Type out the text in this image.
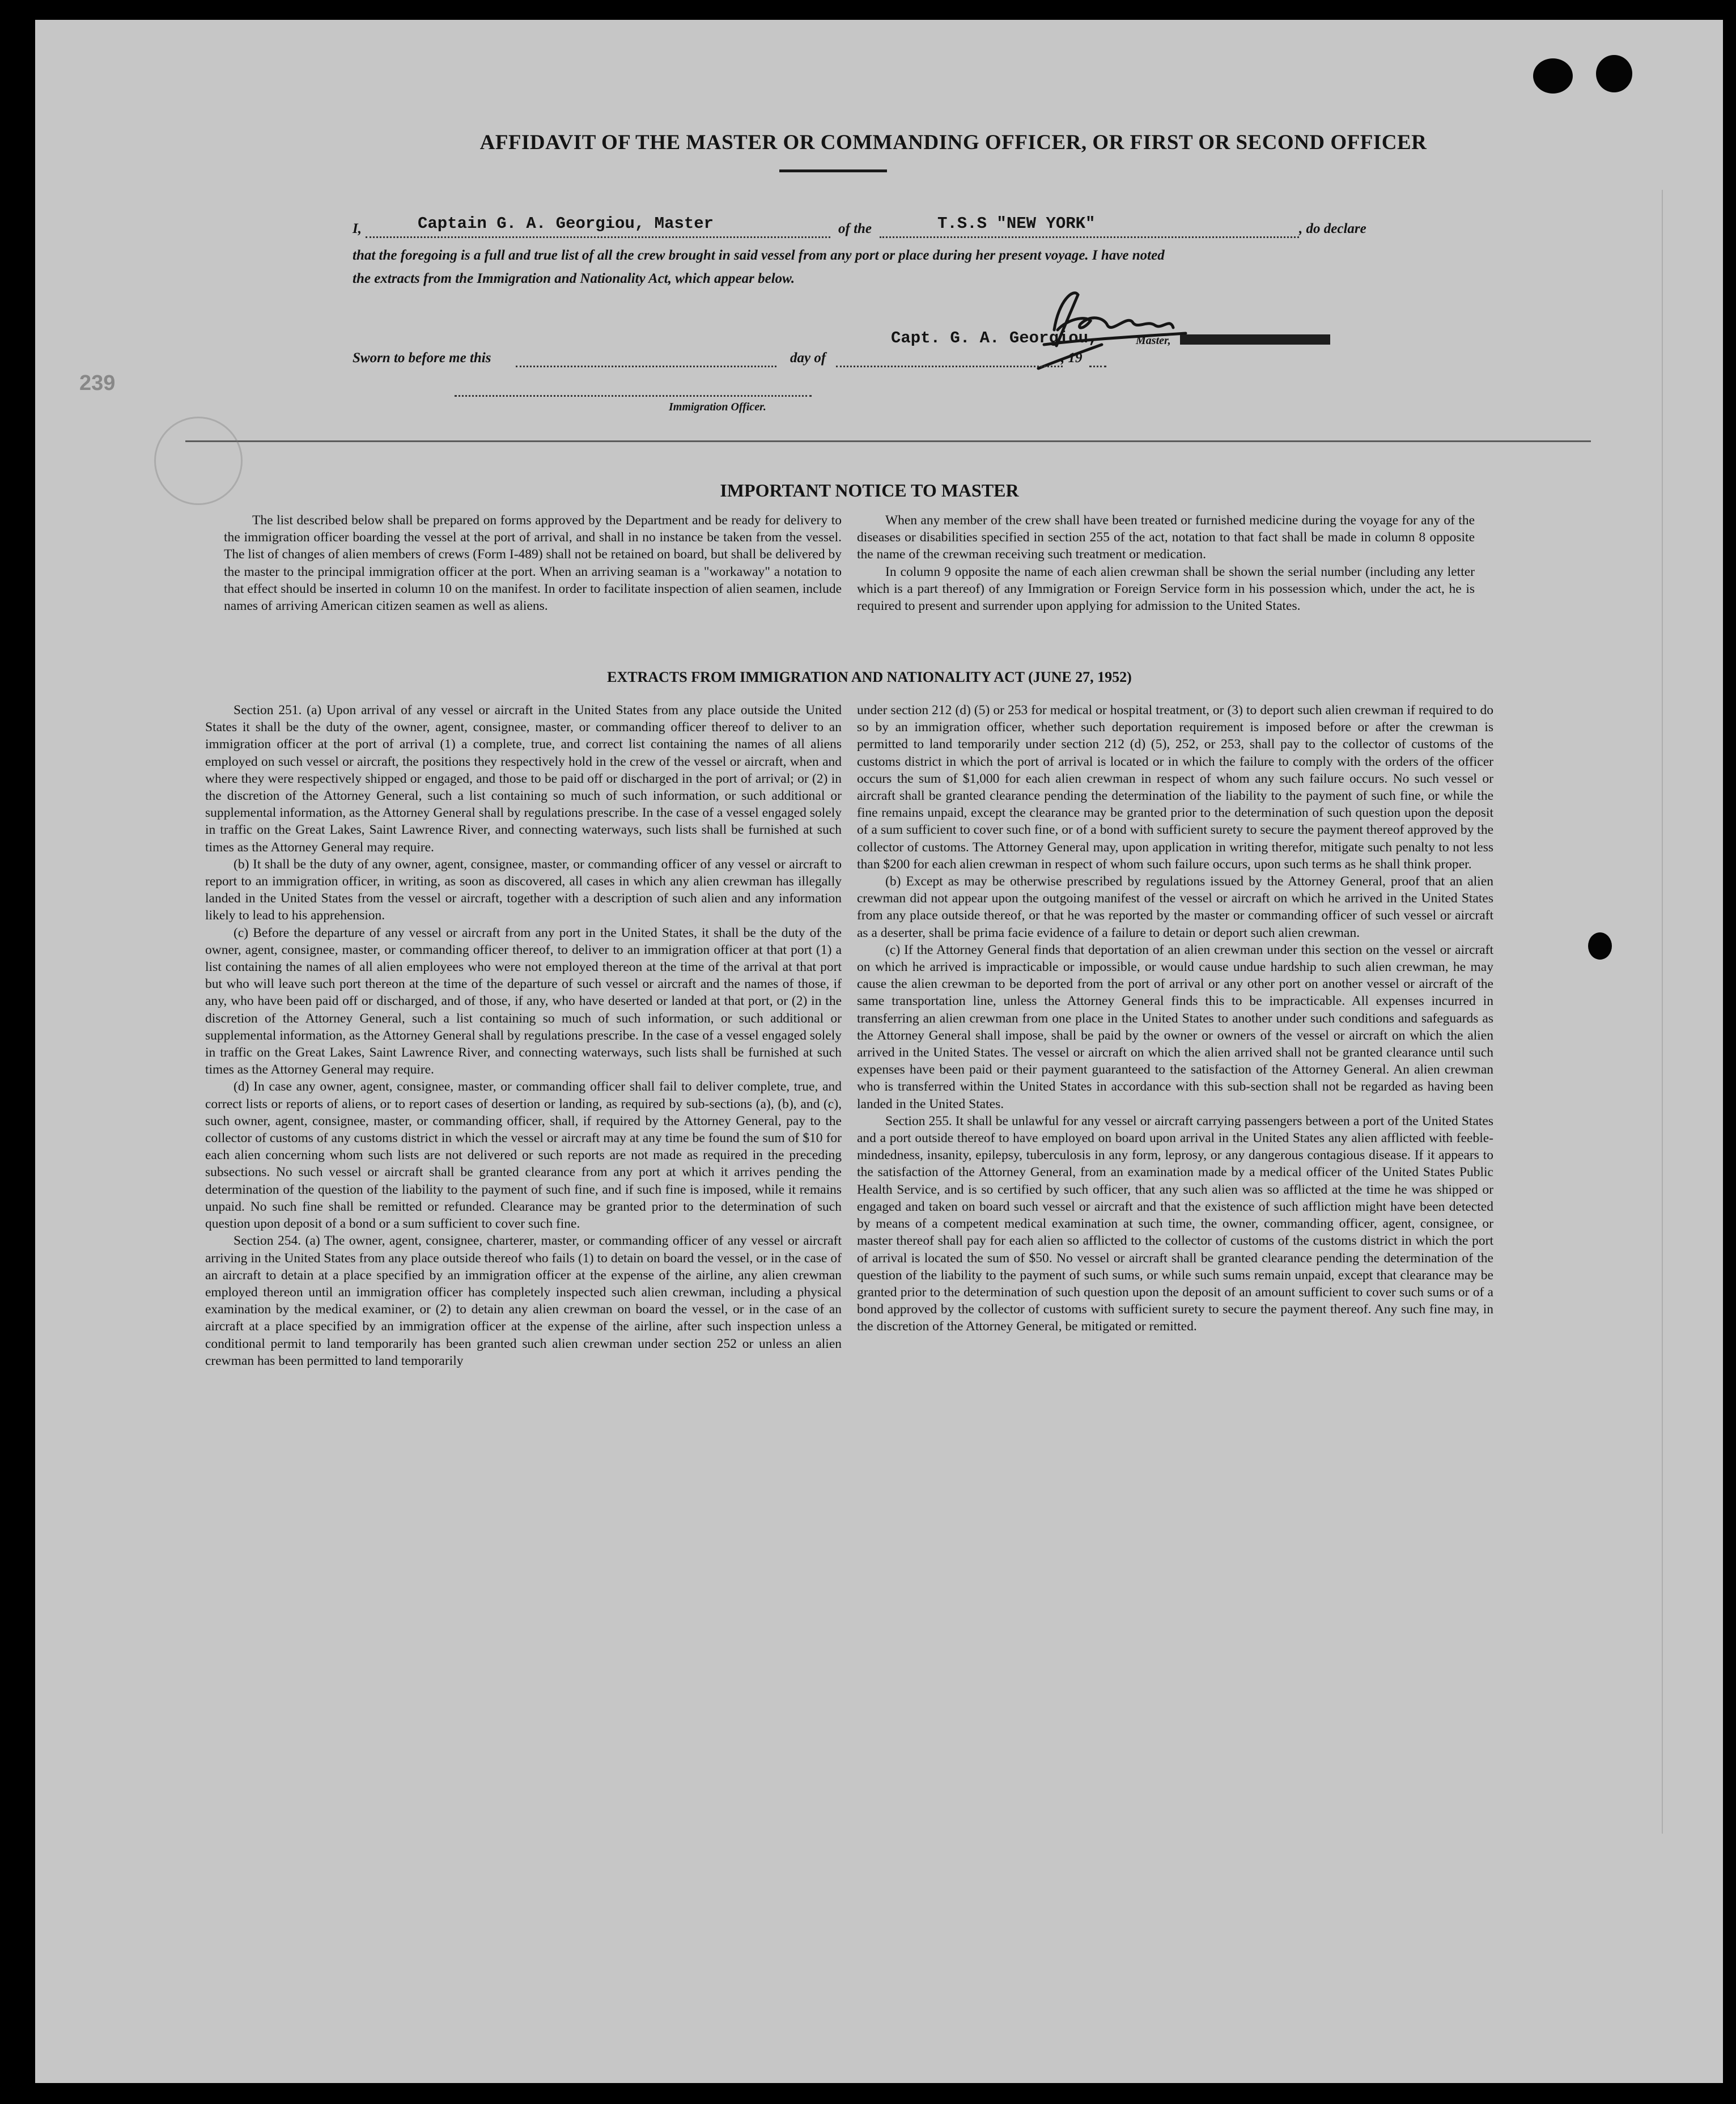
AFFIDAVIT OF THE MASTER OR COMMANDING OFFICER, OR FIRST OR SECOND OFFICER
I,	Captain G. A. Georgiou, Master	of the	T.S.S "NEW YORK"	, do declare
that the foregoing is a full and true list of all the crew brought in said vessel from any port or place during her present voyage. I have noted
the extracts from the Immigration and Nationality Act, which appear below.
Capt. G. A. Georgiou,	Master,
Sworn to before me this	day of	, 19
Immigration Officer.
239
IMPORTANT NOTICE TO MASTER

The list described below shall be prepared on forms approved by the Department and be ready for delivery to the immigration officer boarding the vessel at the port of arrival, and shall in no instance be taken from the vessel. The list of changes of alien members of crews (Form I-489) shall not be retained on board, but shall be delivered by the master to the principal immigration officer at the port. When an arriving seaman is a "workaway" a notation to that effect should be inserted in column 10 on the manifest. In order to facilitate inspection of alien seamen, include names of arriving American citizen seamen as well as aliens.

When any member of the crew shall have been treated or furnished medicine during the voyage for any of the diseases or disabilities specified in section 255 of the act, notation to that fact shall be made in column 8 opposite the name of the crewman receiving such treatment or medication.

In column 9 opposite the name of each alien crewman shall be shown the serial number (including any letter which is a part thereof) of any Immigration or Foreign Service form in his possession which, under the act, he is required to present and surrender upon applying for admission to the United States.

EXTRACTS FROM IMMIGRATION AND NATIONALITY ACT (JUNE 27, 1952)

Section 251. (a) Upon arrival of any vessel or aircraft in the United States from any place outside the United States it shall be the duty of the owner, agent, consignee, master, or commanding officer thereof to deliver to an immigration officer at the port of arrival (1) a complete, true, and correct list containing the names of all aliens employed on such vessel or aircraft, the positions they respectively hold in the crew of the vessel or aircraft, when and where they were respectively shipped or engaged, and those to be paid off or discharged in the port of arrival; or (2) in the discretion of the Attorney General, such a list containing so much of such information, or such additional or supplemental information, as the Attorney General shall by regulations prescribe. In the case of a vessel engaged solely in traffic on the Great Lakes, Saint Lawrence River, and connecting waterways, such lists shall be furnished at such times as the Attorney General may require.

(b) It shall be the duty of any owner, agent, consignee, master, or commanding officer of any vessel or aircraft to report to an immigration officer, in writing, as soon as discovered, all cases in which any alien crewman has illegally landed in the United States from the vessel or aircraft, together with a description of such alien and any information likely to lead to his apprehension.

(c) Before the departure of any vessel or aircraft from any port in the United States, it shall be the duty of the owner, agent, consignee, master, or commanding officer thereof, to deliver to an immigration officer at that port (1) a list containing the names of all alien employees who were not employed thereon at the time of the arrival at that port but who will leave such port thereon at the time of the departure of such vessel or aircraft and the names of those, if any, who have been paid off or discharged, and of those, if any, who have deserted or landed at that port, or (2) in the discretion of the Attorney General, such a list containing so much of such information, or such additional or supplemental information, as the Attorney General shall by regulations prescribe. In the case of a vessel engaged solely in traffic on the Great Lakes, Saint Lawrence River, and connecting waterways, such lists shall be furnished at such times as the Attorney General may require.

(d) In case any owner, agent, consignee, master, or commanding officer shall fail to deliver complete, true, and correct lists or reports of aliens, or to report cases of desertion or landing, as required by sub-sections (a), (b), and (c), such owner, agent, consignee, master, or commanding officer, shall, if required by the Attorney General, pay to the collector of customs of any customs district in which the vessel or aircraft may at any time be found the sum of $10 for each alien concerning whom such lists are not delivered or such reports are not made as required in the preceding subsections. No such vessel or aircraft shall be granted clearance from any port at which it arrives pending the determination of the question of the liability to the payment of such fine, and if such fine is imposed, while it remains unpaid. No such fine shall be remitted or refunded. Clearance may be granted prior to the determination of such question upon deposit of a bond or a sum sufficient to cover such fine.

Section 254. (a) The owner, agent, consignee, charterer, master, or commanding officer of any vessel or aircraft arriving in the United States from any place outside thereof who fails (1) to detain on board the vessel, or in the case of an aircraft to detain at a place specified by an immigration officer at the expense of the airline, any alien crewman employed thereon until an immigration officer has completely inspected such alien crewman, including a physical examination by the medical examiner, or (2) to detain any alien crewman on board the vessel, or in the case of an aircraft at a place specified by an immigration officer at the expense of the airline, after such inspection unless a conditional permit to land temporarily has been granted such alien crewman under section 252 or unless an alien crewman has been permitted to land temporarily

under section 212 (d) (5) or 253 for medical or hospital treatment, or (3) to deport such alien crewman if required to do so by an immigration officer, whether such deportation requirement is imposed before or after the crewman is permitted to land temporarily under section 212 (d) (5), 252, or 253, shall pay to the collector of customs of the customs district in which the port of arrival is located or in which the failure to comply with the orders of the officer occurs the sum of $1,000 for each alien crewman in respect of whom any such failure occurs. No such vessel or aircraft shall be granted clearance pending the determination of the liability to the payment of such fine, or while the fine remains unpaid, except the clearance may be granted prior to the determination of such question upon the deposit of a sum sufficient to cover such fine, or of a bond with sufficient surety to secure the payment thereof approved by the collector of customs. The Attorney General may, upon application in writing therefor, mitigate such penalty to not less than $200 for each alien crewman in respect of whom such failure occurs, upon such terms as he shall think proper.

(b) Except as may be otherwise prescribed by regulations issued by the Attorney General, proof that an alien crewman did not appear upon the outgoing manifest of the vessel or aircraft on which he arrived in the United States from any place outside thereof, or that he was reported by the master or commanding officer of such vessel or aircraft as a deserter, shall be prima facie evidence of a failure to detain or deport such alien crewman.

(c) If the Attorney General finds that deportation of an alien crewman under this section on the vessel or aircraft on which he arrived is impracticable or impossible, or would cause undue hardship to such alien crewman, he may cause the alien crewman to be deported from the port of arrival or any other port on another vessel or aircraft of the same transportation line, unless the Attorney General finds this to be impracticable. All expenses incurred in transferring an alien crewman from one place in the United States to another under such conditions and safeguards as the Attorney General shall impose, shall be paid by the owner or owners of the vessel or aircraft on which the alien arrived in the United States. The vessel or aircraft on which the alien arrived shall not be granted clearance until such expenses have been paid or their payment guaranteed to the satisfaction of the Attorney General. An alien crewman who is transferred within the United States in accordance with this sub-section shall not be regarded as having been landed in the United States.

Section 255. It shall be unlawful for any vessel or aircraft carrying passengers between a port of the United States and a port outside thereof to have employed on board upon arrival in the United States any alien afflicted with feeble-mindedness, insanity, epilepsy, tuberculosis in any form, leprosy, or any dangerous contagious disease. If it appears to the satisfaction of the Attorney General, from an examination made by a medical officer of the United States Public Health Service, and is so certified by such officer, that any such alien was so afflicted at the time he was shipped or engaged and taken on board such vessel or aircraft and that the existence of such affliction might have been detected by means of a competent medical examination at such time, the owner, commanding officer, agent, consignee, or master thereof shall pay for each alien so afflicted to the collector of customs of the customs district in which the port of arrival is located the sum of $50. No vessel or aircraft shall be granted clearance pending the determination of the question of the liability to the payment of such sums, or while such sums remain unpaid, except that clearance may be granted prior to the determination of such question upon the deposit of an amount sufficient to cover such sums or of a bond approved by the collector of customs with sufficient surety to secure the payment thereof. Any such fine may, in the discretion of the Attorney General, be mitigated or remitted.
